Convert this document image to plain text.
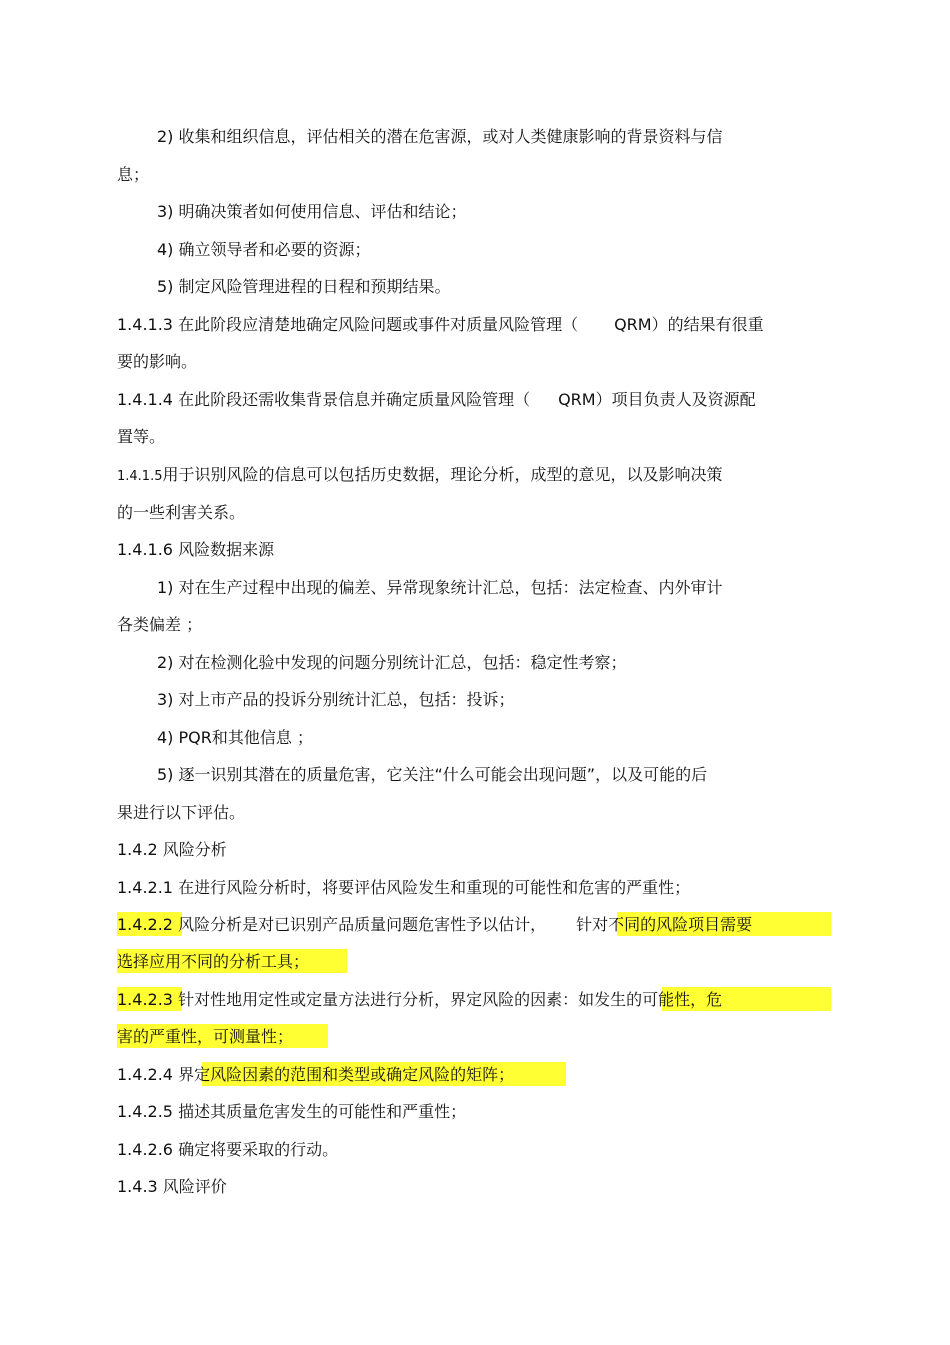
2) 收集和组织信息，评估相关的潜在危害源，或对人类健康影响的背景资料与信
息；
3) 明确决策者如何使用信息、评估和结论；
4) 确立领导者和必要的资源；
5) 制定风险管理进程的日程和预期结果。
1.4.1.3 在此阶段应清楚地确定风险问题或事件对质量风险管理（ QRM）的结果有很重
要的影响。
1.4.1.4 在此阶段还需收集背景信息并确定质量风险管理（ QRM）项目负责人及资源配
置等。
1.4.1.5用于识别风险的信息可以包括历史数据，理论分析，成型的意见，以及影响决策
的一些利害关系。
1.4.1.6 风险数据来源
1) 对在生产过程中出现的偏差、异常现象统计汇总，包括：法定检查、内外审计
各类偏差 ；
2) 对在检测化验中发现的问题分别统计汇总，包括：稳定性考察；
3) 对上市产品的投诉分别统计汇总，包括：投诉；
4) PQR和其他信息 ；
5) 逐一识别其潜在的质量危害，它关注“什么可能会出现问题”，以及可能的后
果进行以下评估。
1.4.2 风险分析
1.4.2.1 在进行风险分析时，将要评估风险发生和重现的可能性和危害的严重性；
1.4.2.2 风险分析是对已识别产品质量问题危害性予以估计， 针对不同的风险项目需要
选择应用不同的分析工具；
1.4.2.3 针对性地用定性或定量方法进行分析，界定风险的因素：如发生的可能性，危
害的严重性，可测量性；
1.4.2.4 界定风险因素的范围和类型或确定风险的矩阵；
1.4.2.5 描述其质量危害发生的可能性和严重性；
1.4.2.6 确定将要采取的行动。
1.4.3 风险评价
